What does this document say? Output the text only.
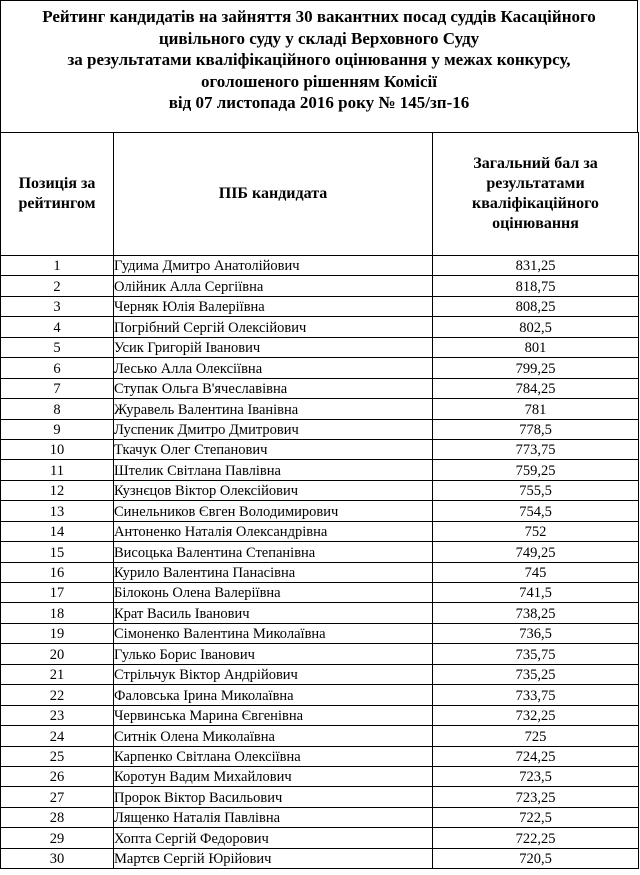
Рейтинг кандидатів на зайняття 30 вакантних посад суддів Касаційного
цивільного суду у складі Верховного Суду
за результатами кваліфікаційного оцінювання у межах конкурсу,
оголошеного рішенням Комісії
від 07 листопада 2016 року № 145/зп-16
Позиція за рейтингом	ПІБ кандидата	Загальний бал за результатами кваліфікаційного оцінювання

1	Гудима Дмитро Анатолійович	831,25
2	Олійник Алла Сергіївна	818,75
3	Черняк Юлія Валеріївна	808,25
4	Погрібний Сергій Олексійович	802,5
5	Усик Григорій Іванович	801
6	Лесько Алла Олексіївна	799,25
7	Ступак Ольга В'ячеславівна	784,25
8	Журавель Валентина Іванівна	781
9	Луспеник Дмитро Дмитрович	778,5
10	Ткачук Олег Степанович	773,75
11	Штелик Світлана Павлівна	759,25
12	Кузнєцов Віктор Олексійович	755,5
13	Синельников Євген Володимирович	754,5
14	Антоненко Наталія Олександрівна	752
15	Висоцька Валентина Степанівна	749,25
16	Курило Валентина Панасівна	745
17	Білоконь Олена Валеріївна	741,5
18	Крат Василь Іванович	738,25
19	Сімоненко Валентина Миколаївна	736,5
20	Гулько Борис Іванович	735,75
21	Стрільчук Віктор Андрійович	735,25
22	Фаловська Ірина Миколаївна	733,75
23	Червинська Марина Євгенівна	732,25
24	Ситнік Олена Миколаївна	725
25	Карпенко Світлана Олексіївна	724,25
26	Коротун Вадим Михайлович	723,5
27	Пророк Віктор Васильович	723,25
28	Лященко Наталія Павлівна	722,5
29	Хопта Сергій Федорович	722,25
30	Мартєв Сергій Юрійович	720,5
